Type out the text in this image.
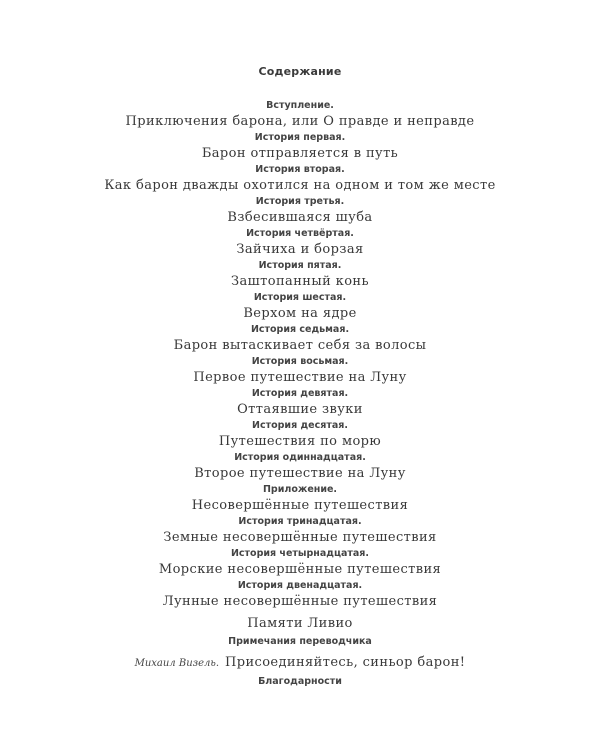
Содержание
Вступление.
Приключения барона, или О правде и неправде
История первая.
Барон отправляется в путь
История вторая.
Как барон дважды охотился на одном и том же месте
История третья.
Взбесившаяся шуба
История четвёртая.
Зайчиха и борзая
История пятая.
Заштопанный конь
История шестая.
Верхом на ядре
История седьмая.
Барон вытаскивает себя за волосы
История восьмая.
Первое путешествие на Луну
История девятая.
Оттаявшие звуки
История десятая.
Путешествия по морю
История одиннадцатая.
Второе путешествие на Луну
Приложение.
Несовершённые путешествия
История тринадцатая.
Земные несовершённые путешествия
История четырнадцатая.
Морские несовершённые путешествия
История двенадцатая.
Лунные несовершённые путешествия
Памяти Ливио
Примечания переводчика
Михаил Визель. Присоединяйтесь, синьор барон!
Благодарности
